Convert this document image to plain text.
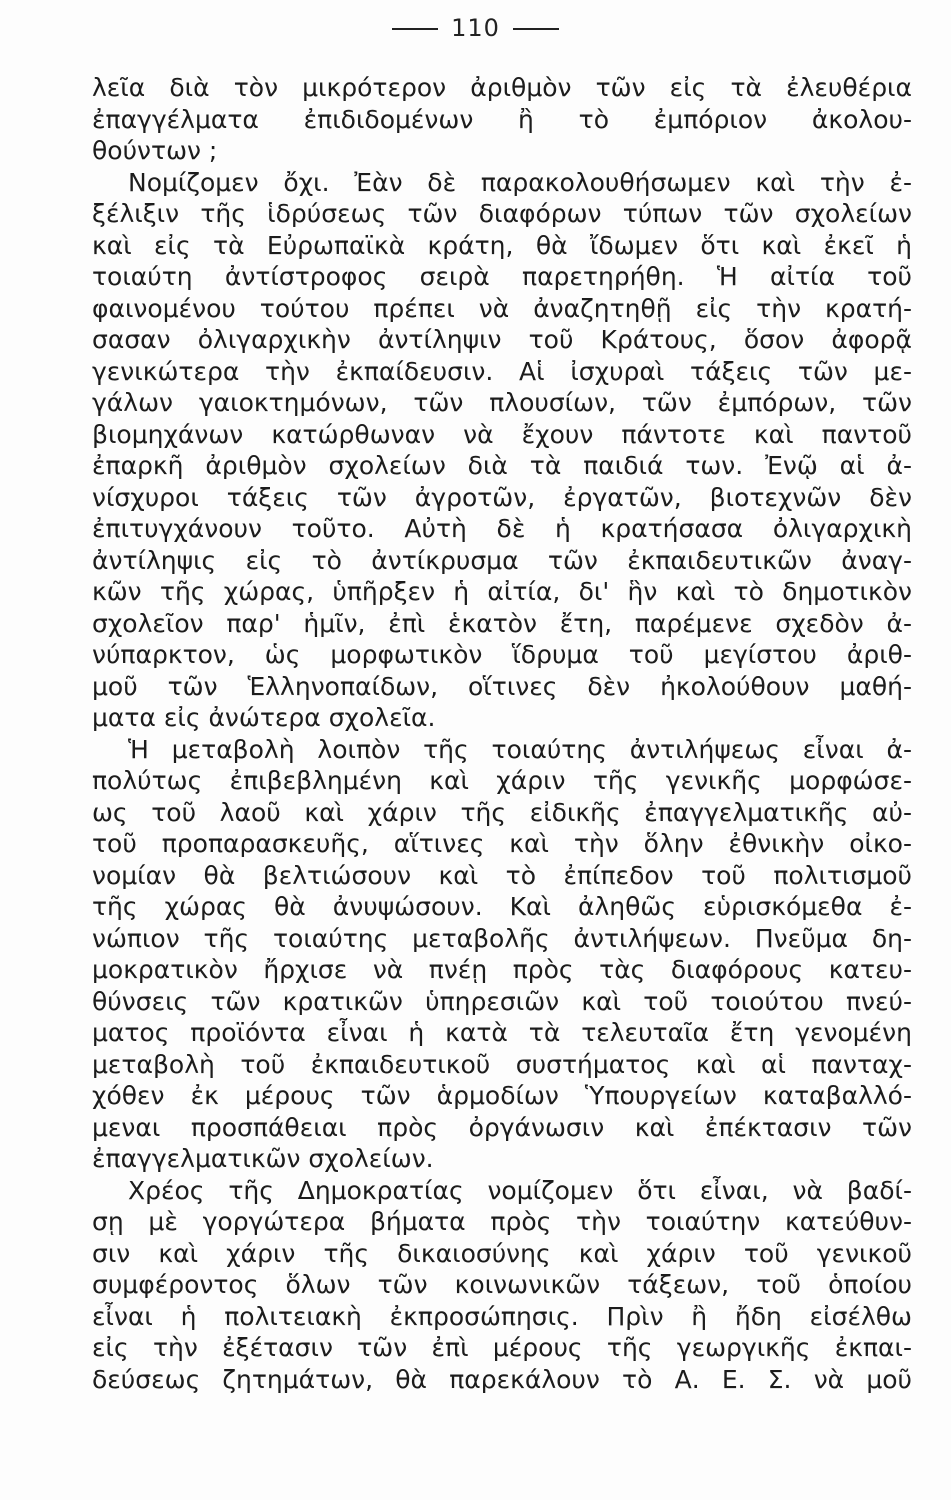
110
λεῖα διὰ τὸν μικρότερον ἀριθμὸν τῶν εἰς τὰ ἐλευθέρια
ἐπαγγέλματα ἐπιδιδομένων ἢ τὸ ἐμπόριον ἀκολου-
θούντων ;
Νομίζομεν ὄχι. Ἐὰν δὲ παρακολουθήσωμεν καὶ τὴν ἐ-
ξέλιξιν τῆς ἱδρύσεως τῶν διαφόρων τύπων τῶν σχολείων
καὶ εἰς τὰ Εὐρωπαϊκὰ κράτη, θὰ ἴδωμεν ὅτι καὶ ἐκεῖ ἡ
τοιαύτη ἀντίστροφος σειρὰ παρετηρήθη. Ἡ αἰτία τοῦ
φαινομένου τούτου πρέπει νὰ ἀναζητηθῇ εἰς τὴν κρατή-
σασαν ὀλιγαρχικὴν ἀντίληψιν τοῦ Κράτους, ὅσον ἀφορᾷ
γενικώτερα τὴν ἐκπαίδευσιν. Αἱ ἰσχυραὶ τάξεις τῶν με-
γάλων γαιοκτημόνων, τῶν πλουσίων, τῶν ἐμπόρων, τῶν
βιομηχάνων κατώρθωναν νὰ ἔχουν πάντοτε καὶ παντοῦ
ἐπαρκῆ ἀριθμὸν σχολείων διὰ τὰ παιδιά των. Ἐνῷ αἱ ἀ-
νίσχυροι τάξεις τῶν ἀγροτῶν, ἐργατῶν, βιοτεχνῶν δὲν
ἐπιτυγχάνουν τοῦτο. Αὐτὴ δὲ ἡ κρατήσασα ὀλιγαρχικὴ
ἀντίληψις εἰς τὸ ἀντίκρυσμα τῶν ἐκπαιδευτικῶν ἀναγ-
κῶν τῆς χώρας, ὑπῆρξεν ἡ αἰτία, δι' ἣν καὶ τὸ δημοτικὸν
σχολεῖον παρ' ἡμῖν, ἐπὶ ἑκατὸν ἔτη, παρέμενε σχεδὸν ἀ-
νύπαρκτον, ὡς μορφωτικὸν ἵδρυμα τοῦ μεγίστου ἀριθ-
μοῦ τῶν Ἑλληνοπαίδων, οἵτινες δὲν ἠκολούθουν μαθή-
ματα εἰς ἀνώτερα σχολεῖα.
Ἡ μεταβολὴ λοιπὸν τῆς τοιαύτης ἀντιλήψεως εἶναι ἀ-
πολύτως ἐπιβεβλημένη καὶ χάριν τῆς γενικῆς μορφώσε-
ως τοῦ λαοῦ καὶ χάριν τῆς εἰδικῆς ἐπαγγελματικῆς αὐ-
τοῦ προπαρασκευῆς, αἵτινες καὶ τὴν ὅλην ἐθνικὴν οἰκο-
νομίαν θὰ βελτιώσουν καὶ τὸ ἐπίπεδον τοῦ πολιτισμοῦ
τῆς χώρας θὰ ἀνυψώσουν. Καὶ ἀληθῶς εὑρισκόμεθα ἐ-
νώπιον τῆς τοιαύτης μεταβολῆς ἀντιλήψεων. Πνεῦμα δη-
μοκρατικὸν ἤρχισε νὰ πνέῃ πρὸς τὰς διαφόρους κατευ-
θύνσεις τῶν κρατικῶν ὑπηρεσιῶν καὶ τοῦ τοιούτου πνεύ-
ματος προϊόντα εἶναι ἡ κατὰ τὰ τελευταῖα ἔτη γενομένη
μεταβολὴ τοῦ ἐκπαιδευτικοῦ συστήματος καὶ αἱ πανταχ-
χόθεν ἐκ μέρους τῶν ἁρμοδίων Ὑπουργείων καταβαλλό-
μεναι προσπάθειαι πρὸς ὀργάνωσιν καὶ ἐπέκτασιν τῶν
ἐπαγγελματικῶν σχολείων.
Χρέος τῆς Δημοκρατίας νομίζομεν ὅτι εἶναι, νὰ βαδί-
σῃ μὲ γοργώτερα βήματα πρὸς τὴν τοιαύτην κατεύθυν-
σιν καὶ χάριν τῆς δικαιοσύνης καὶ χάριν τοῦ γενικοῦ
συμφέροντος ὅλων τῶν κοινωνικῶν τάξεων, τοῦ ὁποίου
εἶναι ἡ πολιτειακὴ ἐκπροσώπησις. Πρὶν ἢ ἤδη εἰσέλθω
εἰς τὴν ἐξέτασιν τῶν ἐπὶ μέρους τῆς γεωργικῆς ἐκπαι-
δεύσεως ζητημάτων, θὰ παρεκάλουν τὸ Α. Ε. Σ. νὰ μοῦ
